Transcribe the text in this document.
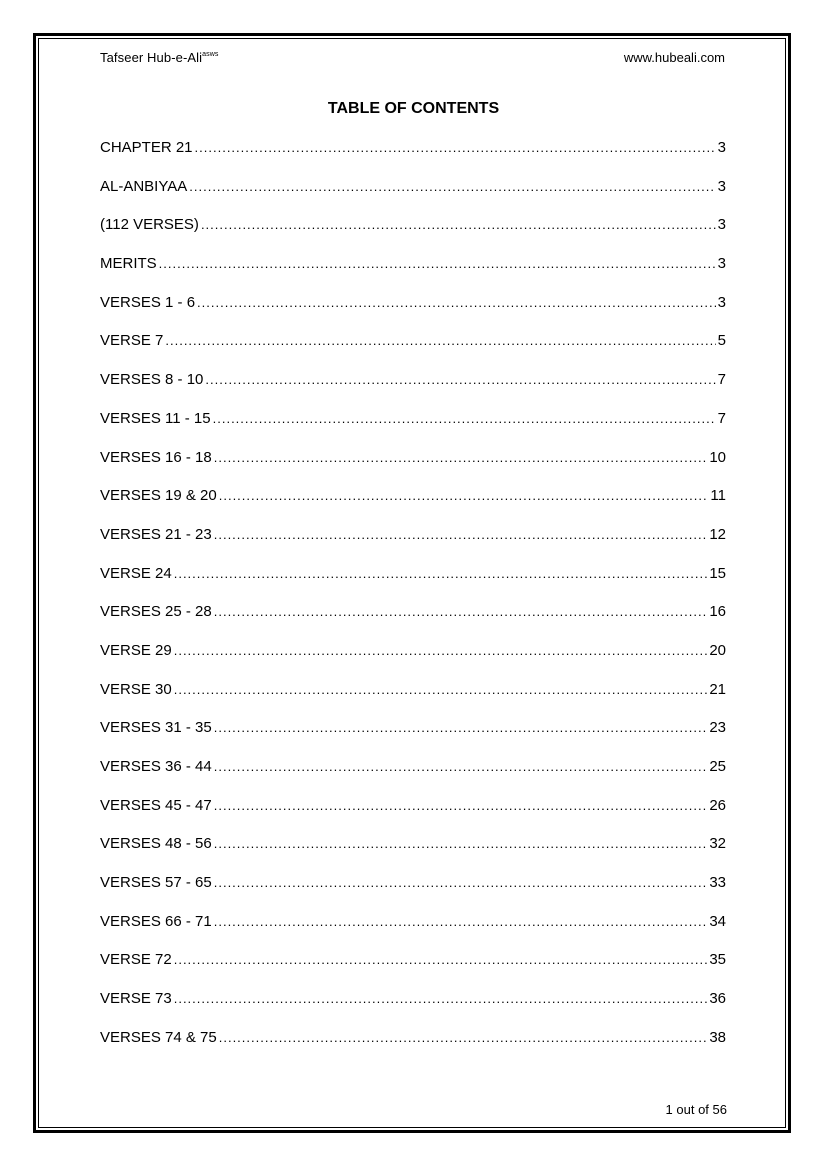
Tafseer Hub-e-Ali$^{asws}$	www.hubeali.com
TABLE OF CONTENTS
CHAPTER 21 .....	3
AL-ANBIYAA .....	3
(112 VERSES) .....	3
MERITS .....	3
VERSES 1 - 6 .....	3
VERSE 7 .....	5
VERSES 8 - 10 .....	7
VERSES 11 - 15 .....	7
VERSES 16 - 18 .....	10
VERSES 19 & 20 .....	11
VERSES 21 - 23 .....	12
VERSE 24 .....	15
VERSES 25 - 28 .....	16
VERSE 29 .....	20
VERSE 30 .....	21
VERSES 31 - 35 .....	23
VERSES 36 - 44 .....	25
VERSES 45 - 47 .....	26
VERSES 48 - 56 .....	32
VERSES 57 - 65 .....	33
VERSES 66 - 71 .....	34
VERSE 72 .....	35
VERSE 73 .....	36
VERSES 74 & 75 .....	38
1 out of 56
